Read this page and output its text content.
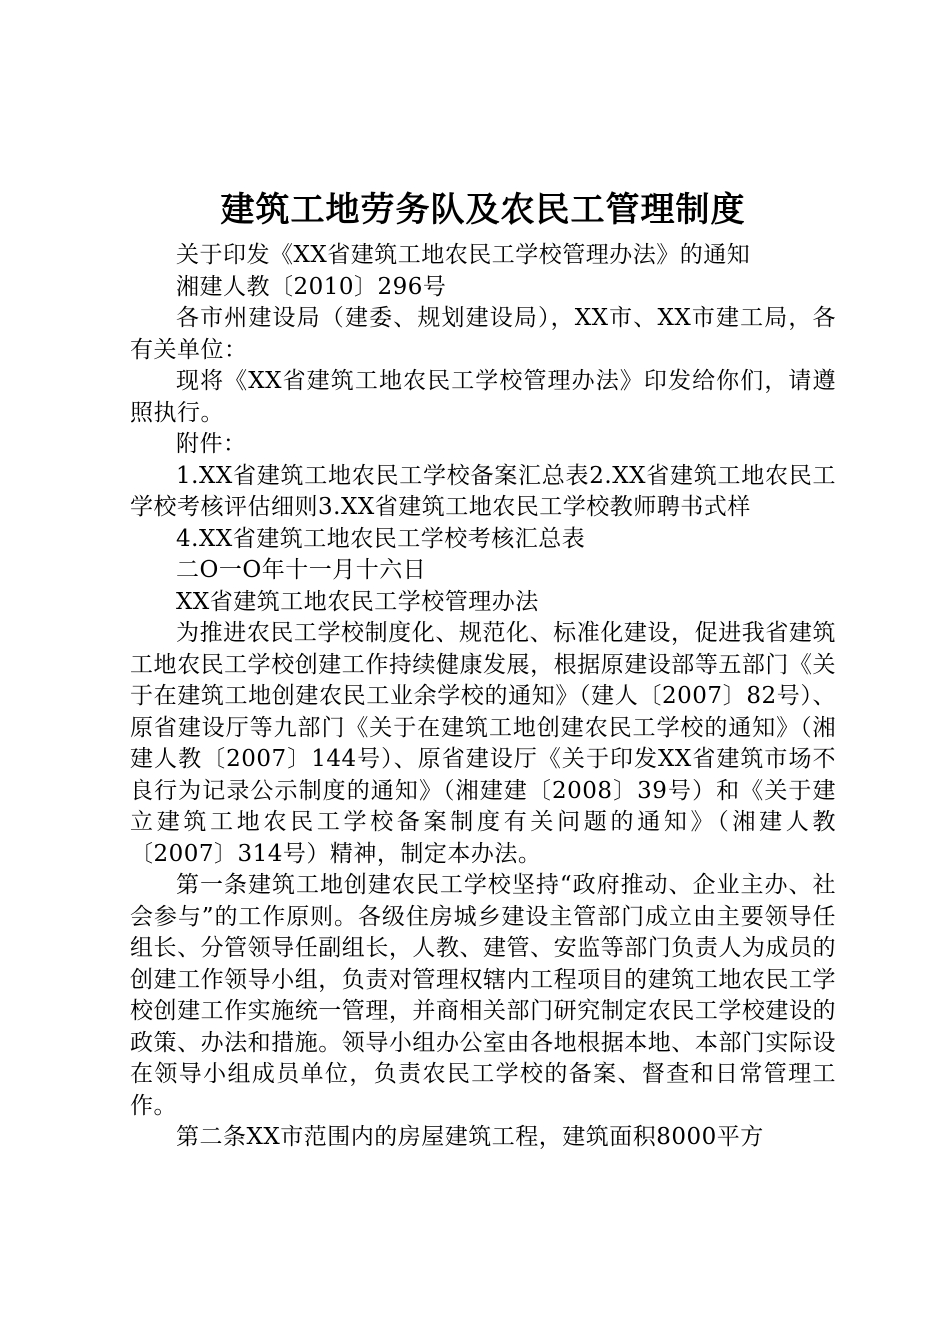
建筑工地劳务队及农民工管理制度

关于印发《XX省建筑工地农民工学校管理办法》的通知

湘建人教〔2010〕296号

各市州建设局（建委、规划建设局），XX市、XX市建工局，各有关单位：

现将《XX省建筑工地农民工学校管理办法》印发给你们，请遵照执行。

附件：

1.XX省建筑工地农民工学校备案汇总表2.XX省建筑工地农民工学校考核评估细则3.XX省建筑工地农民工学校教师聘书式样

4.XX省建筑工地农民工学校考核汇总表

二O一O年十一月十六日

XX省建筑工地农民工学校管理办法

为推进农民工学校制度化、规范化、标准化建设，促进我省建筑工地农民工学校创建工作持续健康发展，根据原建设部等五部门《关于在建筑工地创建农民工业余学校的通知》（建人〔2007〕82号）、原省建设厅等九部门《关于在建筑工地创建农民工学校的通知》（湘建人教〔2007〕144号）、原省建设厅《关于印发XX省建筑市场不良行为记录公示制度的通知》（湘建建〔2008〕39号）和《关于建立建筑工地农民工学校备案制度有关问题的通知》（湘建人教〔2007〕314号）精神，制定本办法。

第一条建筑工地创建农民工学校坚持“政府推动、企业主办、社会参与”的工作原则。各级住房城乡建设主管部门成立由主要领导任组长、分管领导任副组长，人教、建管、安监等部门负责人为成员的创建工作领导小组，负责对管理权辖内工程项目的建筑工地农民工学校创建工作实施统一管理，并商相关部门研究制定农民工学校建设的政策、办法和措施。领导小组办公室由各地根据本地、本部门实际设在领导小组成员单位，负责农民工学校的备案、督查和日常管理工作。

第二条XX市范围内的房屋建筑工程，建筑面积8000平方
